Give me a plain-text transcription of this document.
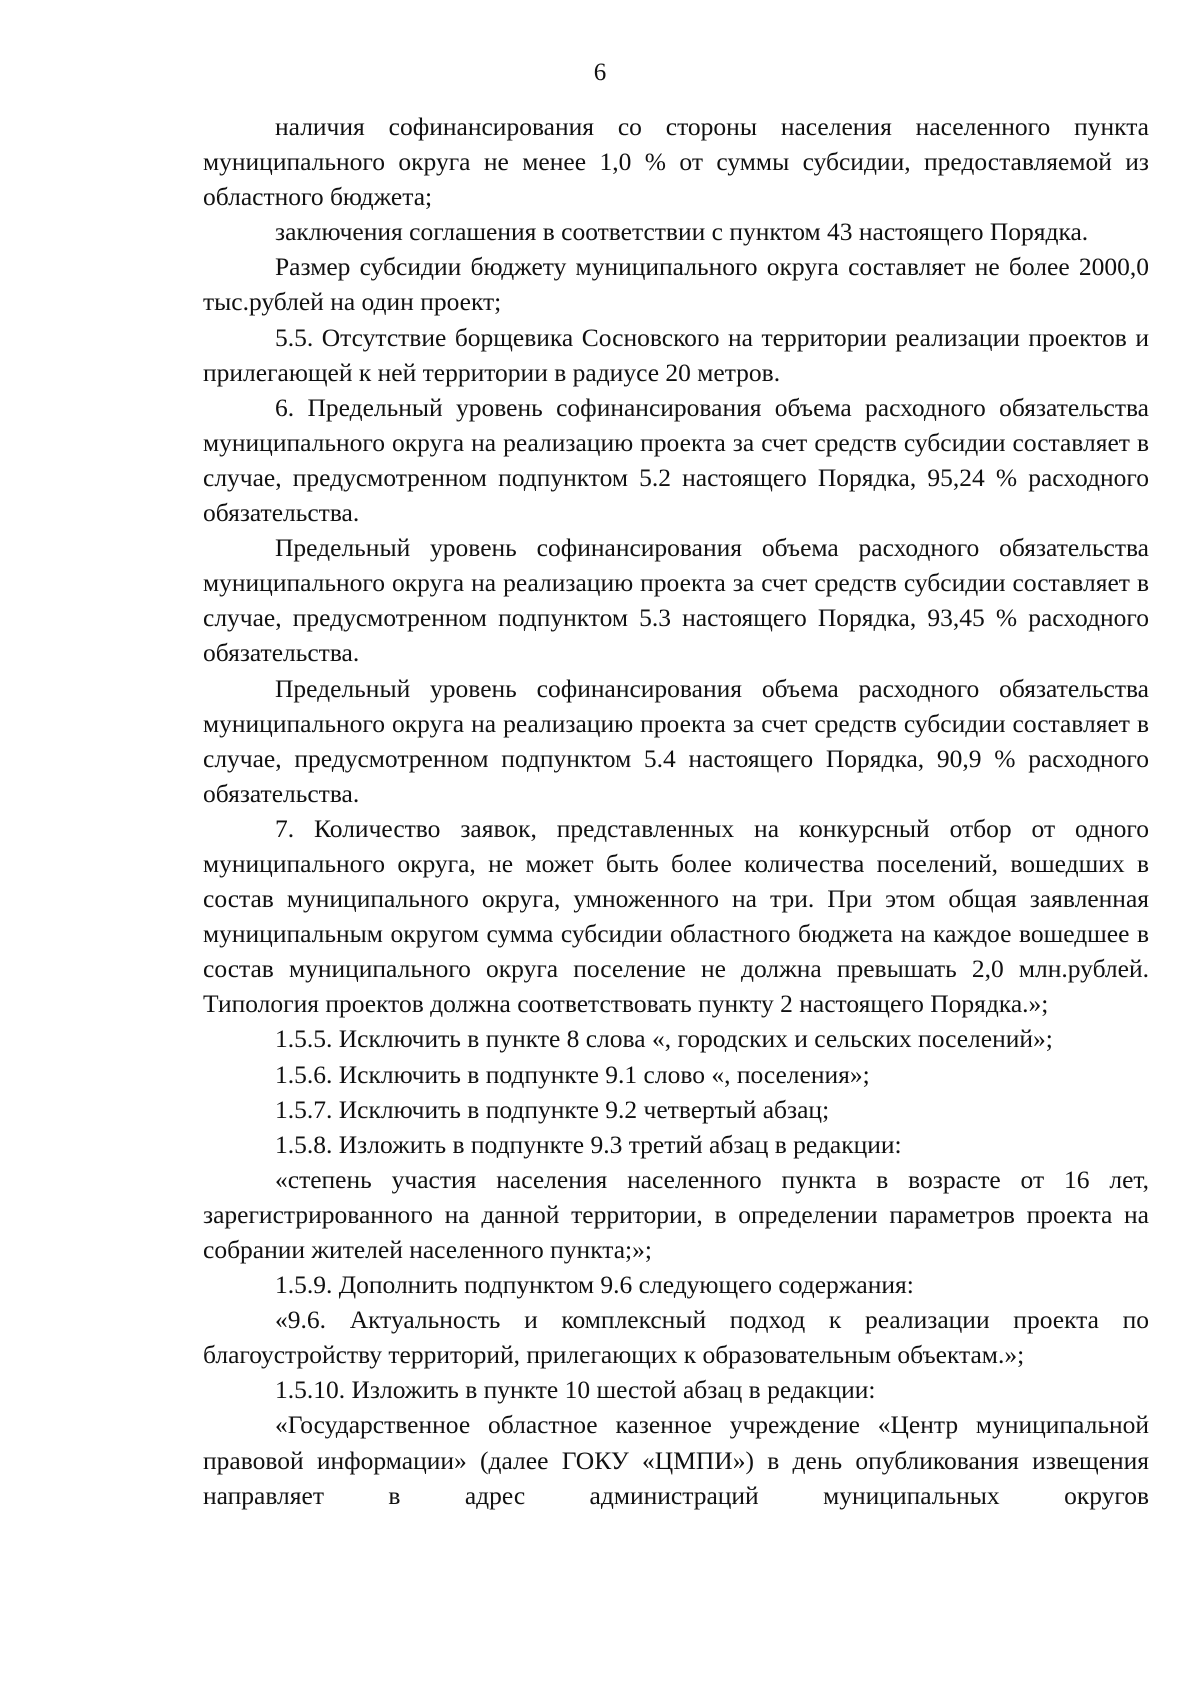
6

наличия софинансирования со стороны населения населенного пункта муниципального округа не менее 1,0 % от суммы субсидии, предоставляемой из областного бюджета;

заключения соглашения в соответствии с пунктом 43 настоящего Порядка.

Размер субсидии бюджету муниципального округа составляет не более 2000,0 тыс.рублей на один проект;

5.5. Отсутствие борщевика Сосновского на территории реализации проектов и прилегающей к ней территории в радиусе 20 метров.

6. Предельный уровень софинансирования объема расходного обязательства муниципального округа на реализацию проекта за счет средств субсидии составляет в случае, предусмотренном подпунктом 5.2 настоящего Порядка, 95,24 % расходного обязательства.

Предельный уровень софинансирования объема расходного обязательства муниципального округа на реализацию проекта за счет средств субсидии составляет в случае, предусмотренном подпунктом 5.3 настоящего Порядка, 93,45 % расходного обязательства.

Предельный уровень софинансирования объема расходного обязательства муниципального округа на реализацию проекта за счет средств субсидии составляет в случае, предусмотренном подпунктом 5.4 настоящего Порядка, 90,9 % расходного обязательства.

7. Количество заявок, представленных на конкурсный отбор от одного муниципального округа, не может быть более количества поселений, вошедших в состав муниципального округа, умноженного на три. При этом общая заявленная муниципальным округом сумма субсидии областного бюджета на каждое вошедшее в состав муниципального округа поселение не должна превышать 2,0 млн.рублей. Типология проектов должна соответствовать пункту 2 настоящего Порядка.»;

1.5.5. Исключить в пункте 8 слова «, городских и сельских поселений»;

1.5.6. Исключить в подпункте 9.1 слово «, поселения»;

1.5.7. Исключить в подпункте 9.2 четвертый абзац;

1.5.8. Изложить в подпункте 9.3 третий абзац в редакции:

«степень участия населения населенного пункта в возрасте от 16 лет, зарегистрированного на данной территории, в определении параметров проекта на собрании жителей населенного пункта;»;

1.5.9. Дополнить подпунктом 9.6 следующего содержания:

«9.6. Актуальность и комплексный подход к реализации проекта по благоустройству территорий, прилегающих к образовательным объектам.»;

1.5.10. Изложить в пункте 10 шестой абзац в редакции:

«Государственное областное казенное учреждение «Центр муниципальной правовой информации» (далее ГОКУ «ЦМПИ») в день опубликования извещения направляет в адрес администраций муниципальных округов
